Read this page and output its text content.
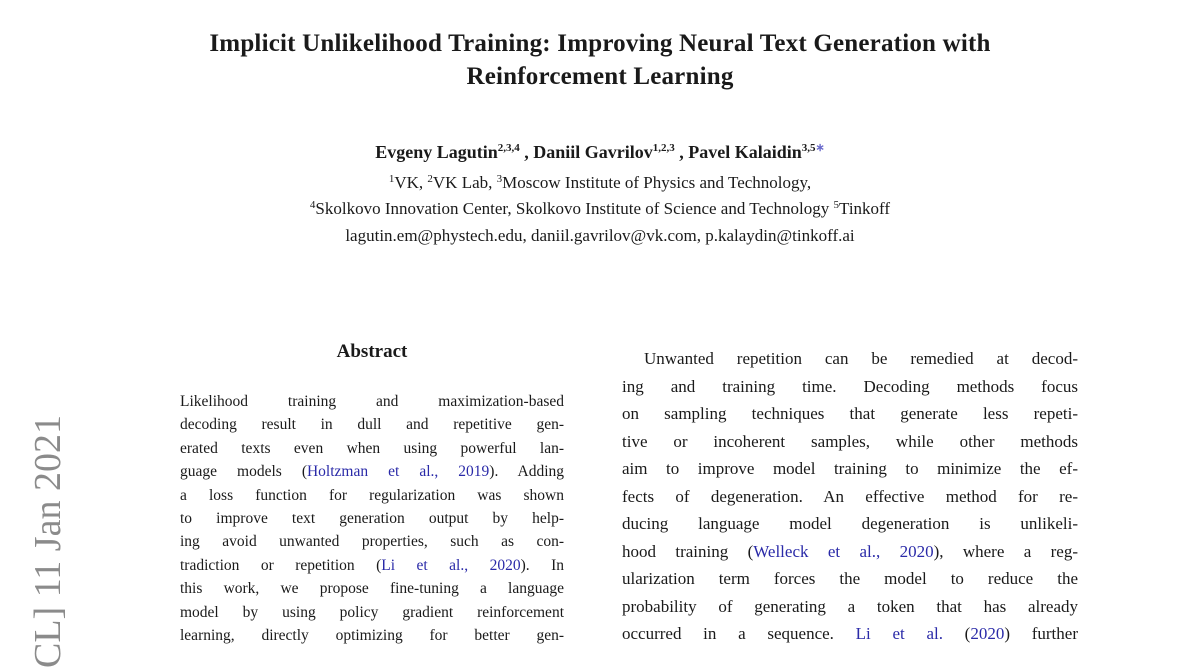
Implicit Unlikelihood Training: Improving Neural Text Generation with
Reinforcement Learning
Evgeny Lagutin$^{2,3,4}$ , Daniil Gavrilov$^{1,2,3}$ , Pavel Kalaidin$^{3,5∗}$
$^1$VK, $^2$VK Lab, $^3$Moscow Institute of Physics and Technology,
$^4$Skolkovo Innovation Center, Skolkovo Institute of Science and Technology $^5$Tinkoff
lagutin.em@phystech.edu, daniil.gavrilov@vk.com, p.kalaydin@tinkoff.ai
Abstract
Likelihood training and maximization-based
decoding result in dull and repetitive gen-
erated texts even when using powerful lan-
guage models (Holtzman et al., 2019). Adding
a loss function for regularization was shown
to improve text generation output by help-
ing avoid unwanted properties, such as con-
tradiction or repetition (Li et al., 2020). In
this work, we propose fine-tuning a language
model by using policy gradient reinforcement
learning, directly optimizing for better gen-
Unwanted repetition can be remedied at decod-
ing and training time. Decoding methods focus
on sampling techniques that generate less repeti-
tive or incoherent samples, while other methods
aim to improve model training to minimize the ef-
fects of degeneration. An effective method for re-
ducing language model degeneration is unlikeli-
hood training (Welleck et al., 2020), where a reg-
ularization term forces the model to reduce the
probability of generating a token that has already
occurred in a sequence. Li et al. (2020) further
CL] 11 Jan 2021
